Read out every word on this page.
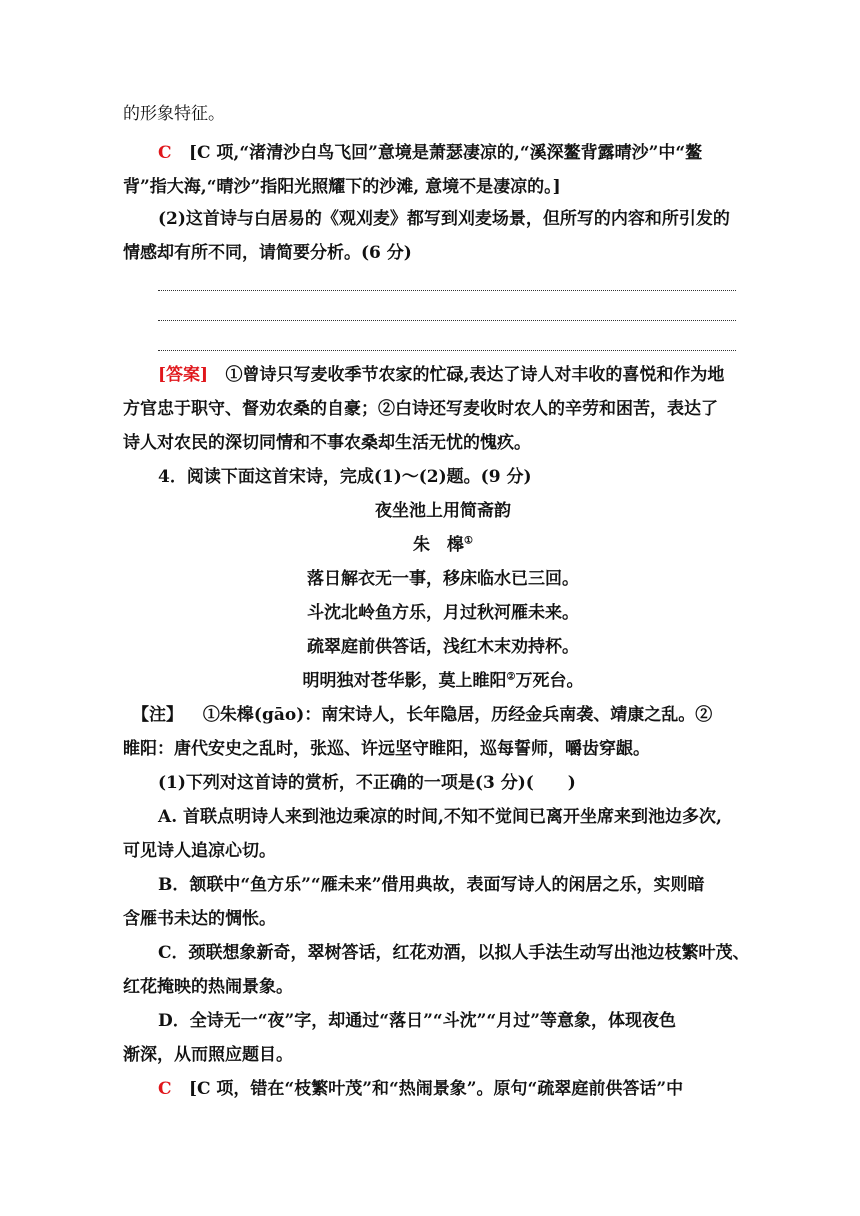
的形象特征。
C [C 项,“渚清沙白鸟飞回”意境是萧瑟凄凉的,“溪深鳌背露晴沙”中“鳌
背”指大海,“晴沙”指阳光照耀下的沙滩, 意境不是凄凉的。]
(2)这首诗与白居易的《观刈麦》都写到刈麦场景，但所写的内容和所引发的
情感却有所不同，请简要分析。(6 分)
[答案] ①曾诗只写麦收季节农家的忙碌,表达了诗人对丰收的喜悦和作为地
方官忠于职守、督劝农桑的自豪；②白诗还写麦收时农人的辛劳和困苦，表达了
诗人对农民的深切同情和不事农桑却生活无忧的愧疚。
4．阅读下面这首宋诗，完成(1)～(2)题。(9 分)
夜坐池上用简斋韵
朱　槔①
落日解衣无一事，移床临水已三回。
斗沈北岭鱼方乐，月过秋河雁未来。
疏翠庭前供答话，浅红木末劝持杯。
明明独对苍华影，莫上睢阳②万死台。
【注】 ①朱槔(gāo)：南宋诗人，长年隐居，历经金兵南袭、靖康之乱。②
睢阳：唐代安史之乱时，张巡、许远坚守睢阳，巡每誓师，嚼齿穿龈。
(1)下列对这首诗的赏析，不正确的一项是(3 分)(　　)
A. 首联点明诗人来到池边乘凉的时间,不知不觉间已离开坐席来到池边多次,
可见诗人追凉心切。
B．颔联中“鱼方乐”“雁未来”借用典故，表面写诗人的闲居之乐，实则暗
含雁书未达的惆怅。
C．颈联想象新奇，翠树答话，红花劝酒，以拟人手法生动写出池边枝繁叶茂、
红花掩映的热闹景象。
D．全诗无一“夜”字，却通过“落日”“斗沈”“月过”等意象，体现夜色
渐深，从而照应题目。
C [C 项，错在“枝繁叶茂”和“热闹景象”。原句“疏翠庭前供答话”中
